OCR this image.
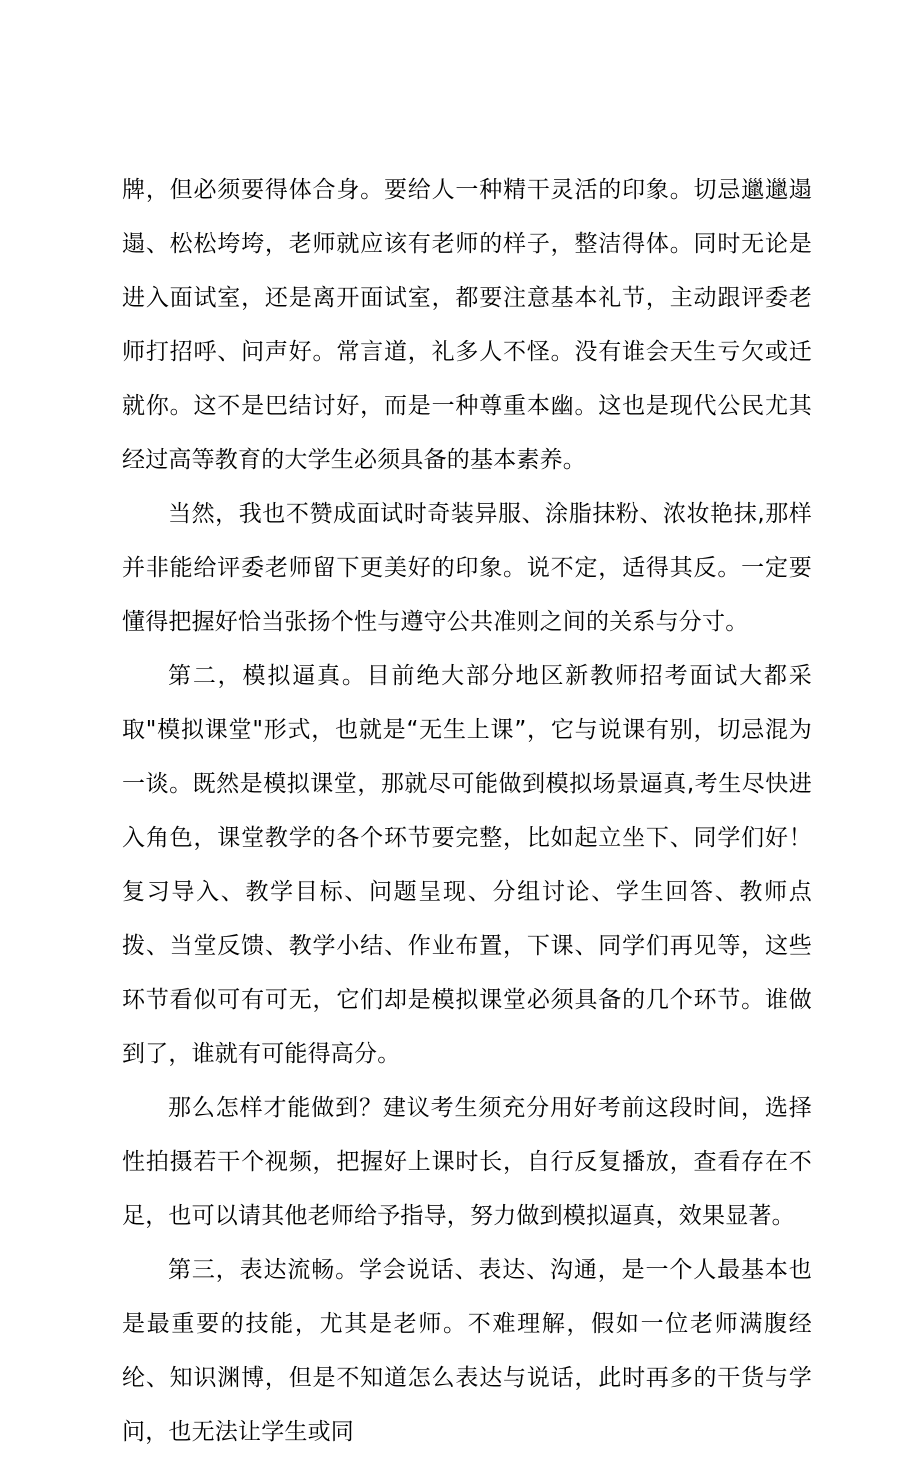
牌，但必须要得体合身。要给人一种精干灵活的印象。切忌邋邋遢遢、松松垮垮，老师就应该有老师的样子，整洁得体。同时无论是进入面试室，还是离开面试室，都要注意基本礼节，主动跟评委老师打招呼、问声好。常言道，礼多人不怪。没有谁会天生亏欠或迁就你。这不是巴结讨好，而是一种尊重本幽。这也是现代公民尤其经过高等教育的大学生必须具备的基本素养。

当然，我也不赞成面试时奇装异服、涂脂抹粉、浓妆艳抹,那样并非能给评委老师留下更美好的印象。说不定，适得其反。一定要懂得把握好恰当张扬个性与遵守公共准则之间的关系与分寸。

第二，模拟逼真。目前绝大部分地区新教师招考面试大都采取"模拟课堂"形式，也就是“无生上课”，它与说课有别，切忌混为一谈。既然是模拟课堂，那就尽可能做到模拟场景逼真,考生尽快进入角色，课堂教学的各个环节要完整，比如起立坐下、同学们好！复习导入、教学目标、问题呈现、分组讨论、学生回答、教师点拨、当堂反馈、教学小结、作业布置，下课、同学们再见等，这些环节看似可有可无，它们却是模拟课堂必须具备的几个环节。谁做到了，谁就有可能得高分。

那么怎样才能做到？建议考生须充分用好考前这段时间，选择性拍摄若干个视频，把握好上课时长，自行反复播放，查看存在不足，也可以请其他老师给予指导，努力做到模拟逼真，效果显著。

第三，表达流畅。学会说话、表达、沟通，是一个人最基本也是最重要的技能，尤其是老师。不难理解，假如一位老师满腹经纶、知识渊博，但是不知道怎么表达与说话，此时再多的干货与学问，也无法让学生或同
